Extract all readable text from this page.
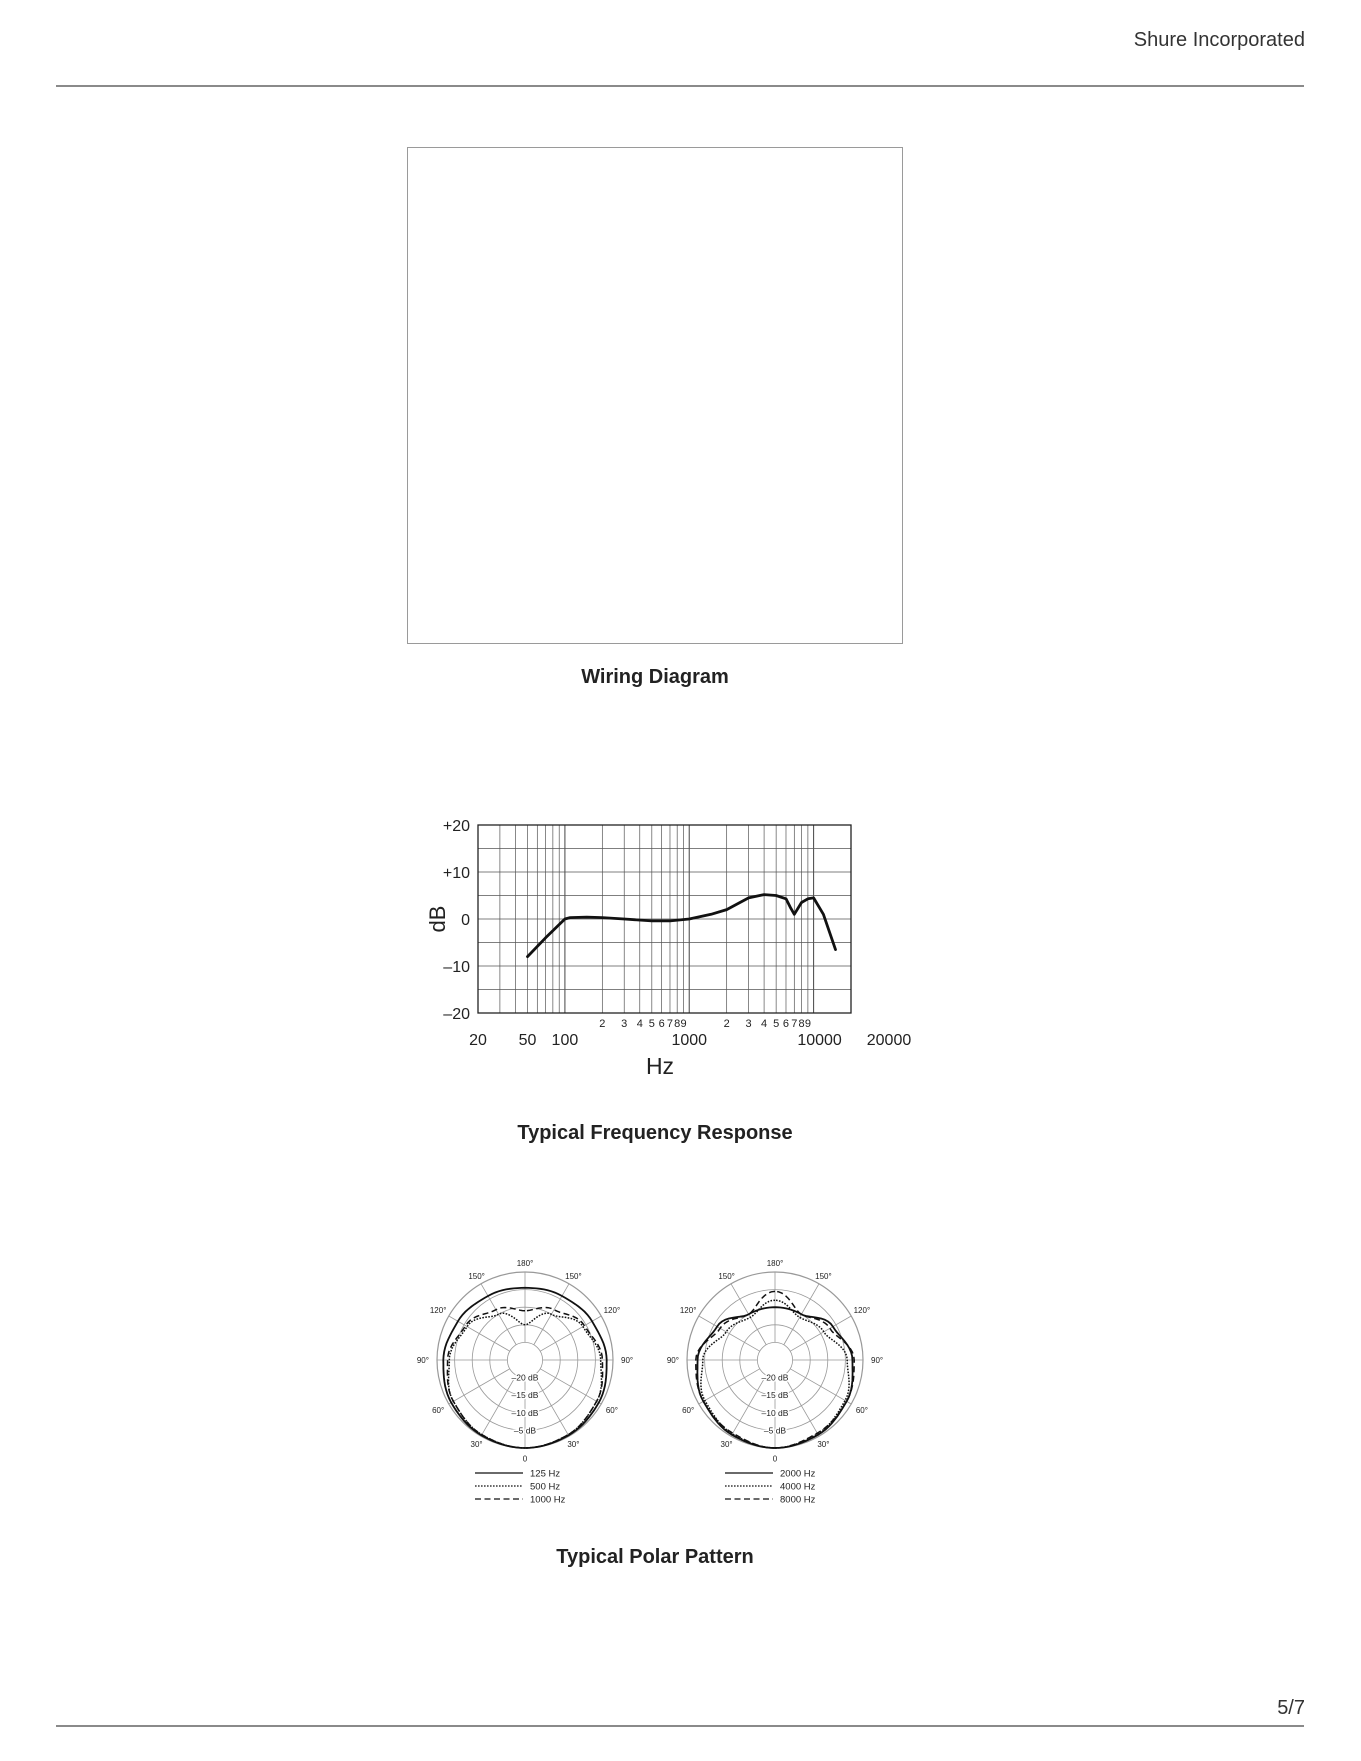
Shure Incorporated
Wiring Diagram
+20
+10
0
–10
–20
2 3 4 5 6 7 8 9	2 3 4 5 6 7 8 9
20 50 100	1000	10000 20000
Hz
dB
Typical Frequency Response
180°
150°
150°
120°
120°
90°
90°
60°
60°
30°
30°
0
–20 dB
–15 dB
–10 dB
–5 dB
125 Hz
500 Hz
1000 Hz
180°
150°
150°
120°
120°
90°
90°
60°
60°
30°
30°
0
–20 dB
–15 dB
–10 dB
–5 dB
2000 Hz
4000 Hz
8000 Hz
Typical Polar Pattern
5/7
